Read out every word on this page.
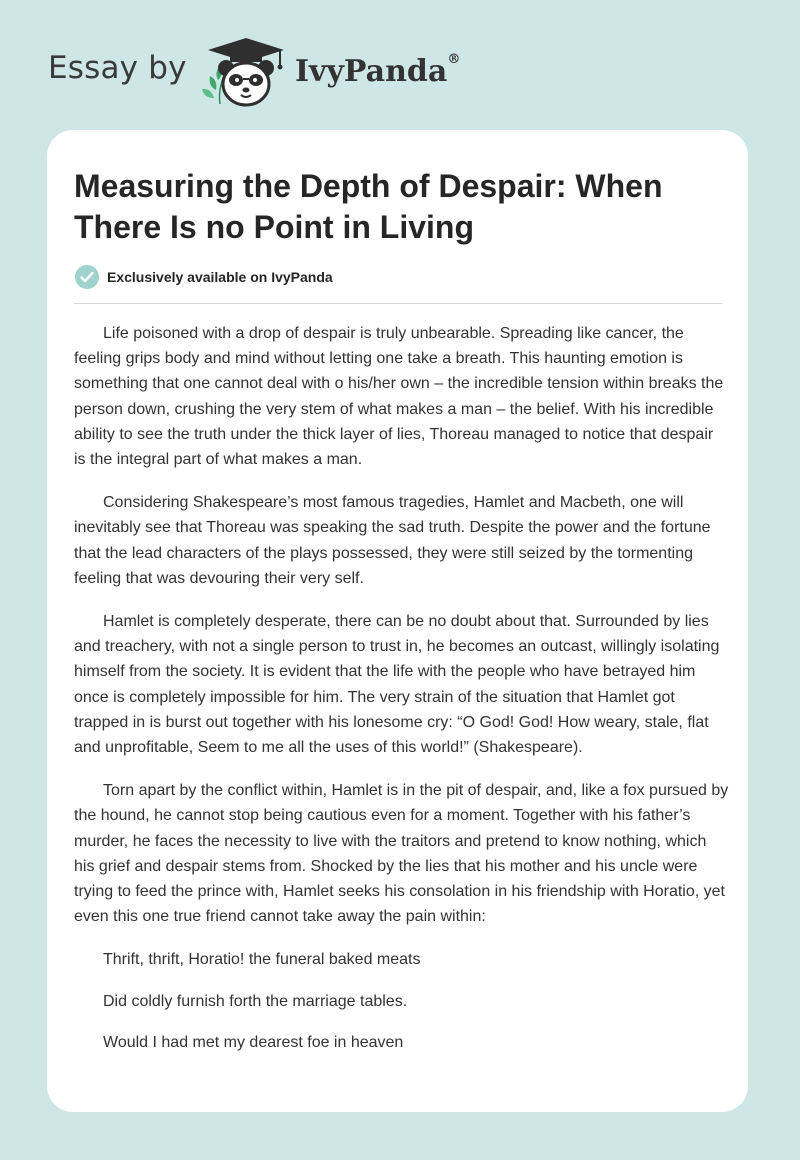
Essay by	IvyPanda®
Measuring the Depth of Despair: When There Is no Point in Living
Exclusively available on IvyPanda

Life poisoned with a drop of despair is truly unbearable. Spreading like cancer, the feeling grips body and mind without letting one take a breath. This haunting emotion is something that one cannot deal with o his/her own – the incredible tension within breaks the person down, crushing the very stem of what makes a man – the belief. With his incredible ability to see the truth under the thick layer of lies, Thoreau managed to notice that despair is the integral part of what makes a man.

Considering Shakespeare’s most famous tragedies, Hamlet and Macbeth, one will inevitably see that Thoreau was speaking the sad truth. Despite the power and the fortune that the lead characters of the plays possessed, they were still seized by the tormenting feeling that was devouring their very self.

Hamlet is completely desperate, there can be no doubt about that. Surrounded by lies and treachery, with not a single person to trust in, he becomes an outcast, willingly isolating himself from the society. It is evident that the life with the people who have betrayed him once is completely impossible for him. The very strain of the situation that Hamlet got trapped in is burst out together with his lonesome cry: “O God! God! How weary, stale, flat and unprofitable, Seem to me all the uses of this world!” (Shakespeare).

Torn apart by the conflict within, Hamlet is in the pit of despair, and, like a fox pursued by the hound, he cannot stop being cautious even for a moment. Together with his father’s murder, he faces the necessity to live with the traitors and pretend to know nothing, which his grief and despair stems from. Shocked by the lies that his mother and his uncle were trying to feed the prince with, Hamlet seeks his consolation in his friendship with Horatio, yet even this one true friend cannot take away the pain within:

Thrift, thrift, Horatio! the funeral baked meats

Did coldly furnish forth the marriage tables.

Would I had met my dearest foe in heaven
